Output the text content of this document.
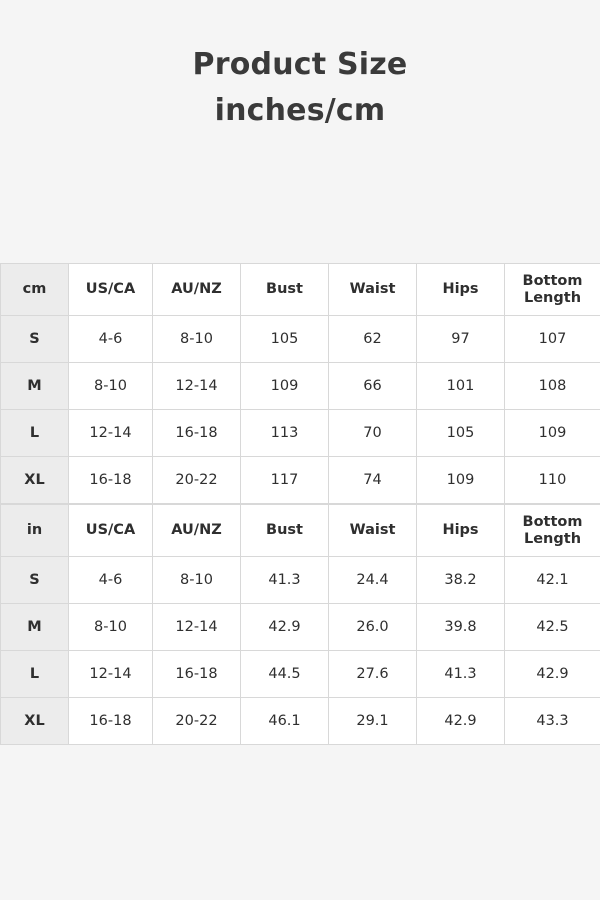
Product Size
inches/cm
cm	US/CA	AU/NZ	Bust	Waist	Hips	Bottom Length
S	4-6	8-10	105	62	97	107
M	8-10	12-14	109	66	101	108
L	12-14	16-18	113	70	105	109
XL	16-18	20-22	117	74	109	110
in	US/CA	AU/NZ	Bust	Waist	Hips	Bottom Length
S	4-6	8-10	41.3	24.4	38.2	42.1
M	8-10	12-14	42.9	26.0	39.8	42.5
L	12-14	16-18	44.5	27.6	41.3	42.9
XL	16-18	20-22	46.1	29.1	42.9	43.3
